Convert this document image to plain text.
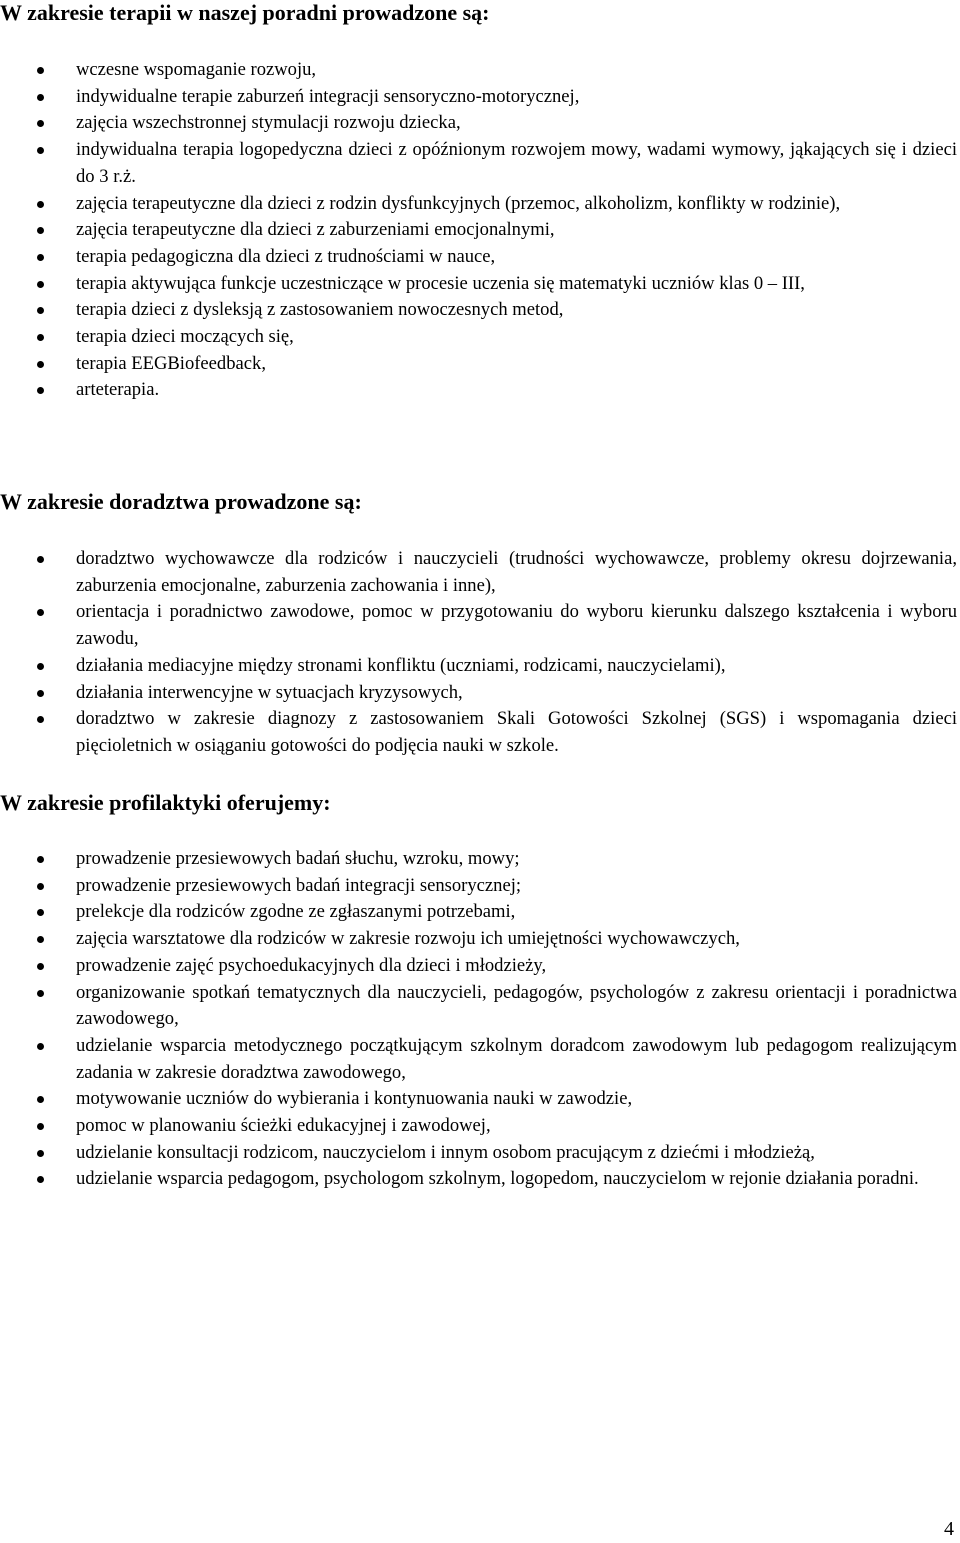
W zakresie terapii w naszej poradni prowadzone są:
wczesne wspomaganie rozwoju,
indywidualne terapie zaburzeń integracji sensoryczno-motorycznej,
zajęcia wszechstronnej stymulacji rozwoju dziecka,
indywidualna terapia logopedyczna dzieci z opóźnionym rozwojem mowy, wadami wymowy, jąkających się i dzieci do 3 r.ż.
zajęcia terapeutyczne dla dzieci z rodzin dysfunkcyjnych (przemoc, alkoholizm, konflikty w rodzinie),
zajęcia terapeutyczne dla dzieci z zaburzeniami emocjonalnymi,
terapia pedagogiczna dla dzieci z trudnościami w nauce,
terapia aktywująca funkcje uczestniczące w procesie uczenia się matematyki uczniów klas 0 – III,
terapia dzieci z dysleksją z zastosowaniem nowoczesnych metod,
terapia dzieci moczących się,
terapia EEGBiofeedback,
arteterapia.
W zakresie doradztwa prowadzone są:
doradztwo wychowawcze dla rodziców i nauczycieli (trudności wychowawcze, problemy okresu dojrzewania, zaburzenia emocjonalne, zaburzenia zachowania i inne),
orientacja i poradnictwo zawodowe, pomoc w przygotowaniu do wyboru kierunku dalszego kształcenia i wyboru zawodu,
działania mediacyjne między stronami konfliktu (uczniami, rodzicami, nauczycielami),
działania interwencyjne w sytuacjach kryzysowych,
doradztwo w zakresie diagnozy z zastosowaniem Skali Gotowości Szkolnej (SGS) i wspomagania dzieci pięcioletnich w osiąganiu gotowości do podjęcia nauki w szkole.
W zakresie profilaktyki oferujemy:
prowadzenie przesiewowych badań słuchu, wzroku, mowy;
prowadzenie przesiewowych badań integracji sensorycznej;
prelekcje dla rodziców zgodne ze zgłaszanymi potrzebami,
zajęcia warsztatowe dla rodziców w zakresie rozwoju ich umiejętności wychowawczych,
prowadzenie zajęć psychoedukacyjnych dla dzieci i młodzieży,
organizowanie spotkań tematycznych dla nauczycieli, pedagogów, psychologów z zakresu orientacji i poradnictwa zawodowego,
udzielanie wsparcia metodycznego początkującym szkolnym doradcom zawodowym lub pedagogom realizującym zadania w zakresie doradztwa zawodowego,
motywowanie uczniów do wybierania i kontynuowania nauki w zawodzie,
pomoc w planowaniu ścieżki edukacyjnej i zawodowej,
udzielanie konsultacji rodzicom, nauczycielom i innym osobom pracującym z dziećmi i młodzieżą,
udzielanie wsparcia pedagogom, psychologom szkolnym, logopedom, nauczycielom w rejonie działania poradni.
4
